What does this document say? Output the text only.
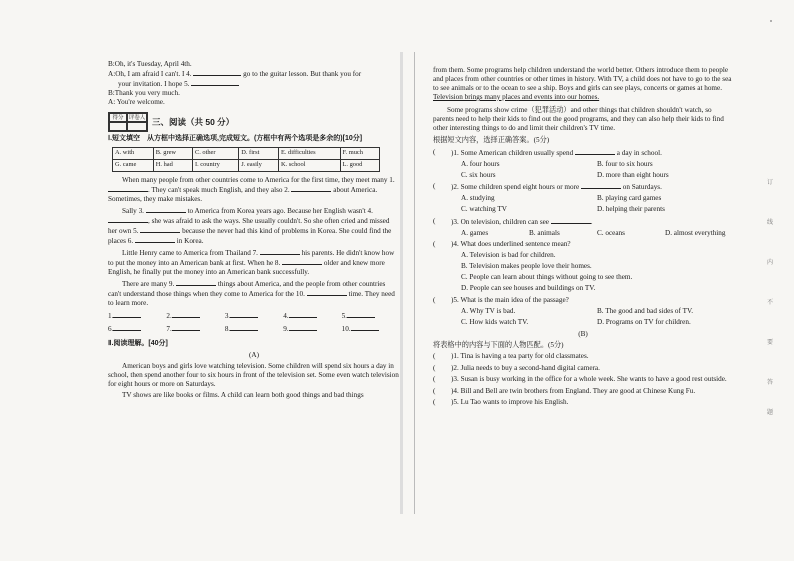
B:Oh, it's Tuesday, April 4th.

A:Oh, I am afraid I can't. I 4.	go to the guitar lesson. But thank you for

your invitation. I hope 5.

B:Thank you very much.

A: You're welcome.

得分 评卷人 三、阅读（共 50 分）

Ⅰ.短文填空　从方框中选择正确选项,完成短文。(方框中有两个选项是多余的)[10分]

A. with	B. grew	C. other	D. first	E. difficulties	F. much
G. came	H. had	I. country	J. easily	K. school	L. good

When many people from other countries come to America for the first time, they meet many 1. . They can't speak much English, and they also 2.	about America. Sometimes, they make mistakes.

Sally 3.	to America from Korea years ago. Because her English wasn't 4. , she was afraid to ask the ways. She usually couldn't. So she often cried and missed her own 5.	because the never had this kind of problems in Korea. She could find the places 6.	in Korea.

Little Henry came to America from Thailand 7.	his parents. He didn't know how to put the money into an American bank at first. When he 8.	older and knew more English, he finally put the money into an American bank successfully.

There are many 9.	things about America, and the people from other countries can't understand those things when they come to America for the 10.	time. They need to learn more.

1.	2.	3.	4.	5.
6.	7.	8.	9.	10.

Ⅱ.阅读理解。[40分]

(A)

American boys and girls love watching television. Some children will spend six hours a day in school, then spend another four to six hours in front of the television set. Some even watch television for eight hours or more on Saturdays.

TV shows are like books or films. A child can learn both good things and bad things

from them. Some programs help children understand the world better. Others introduce them to people and places from other countries or other times in history. With TV, a child does not have to go to the sea to see animals or to the ocean to see a ship. Boys and girls can see plays, concerts or games at home. Television brings many places and events into our homes.

Some programs show crime（犯罪活动）and other things that children shouldn't watch, so parents need to help their kids to find out the good programs, and they can also help their kids to find other interesting things to do and limit their children's TV time.

根据短文内容，选择正确答案。(5分)

(	)1. Some American children usually spend	a day in school.
A. four hours	B. four to six hours
C. six hours	D. more than eight hours
(	)2. Some children spend eight hours or more	on Saturdays.
A. studying	B. playing card games
C. watching TV	D. helping their parents
(	)3. On television, children can see	.
A. games	B. animals	C. oceans	D. almost everything
(	)4. What does underlined sentence mean?
A. Television is bad for children.
B. Television makes people love their homes.
C. People can learn about things without going to see them.
D. People can see houses and buildings on TV.
(	)5. What is the main idea of the passage?
A. Why TV is bad.	B. The good and bad sides of TV.
C. How kids watch TV.	D. Programs on TV for children.

(B)

将表格中的内容与下面的人物匹配。(5分)

(	)1. Tina is having a tea party for old classmates.
(	)2. Julia needs to buy a second-hand digital camera.
(	)3. Susan is busy working in the office for a whole week. She wants to have a good rest outside.
(	)4. Bill and Bell are twin brothers from England. They are good at Chinese Kung Fu.
(	)5. Lu Tao wants to improve his English.
订
线
内
不
要
答
题
